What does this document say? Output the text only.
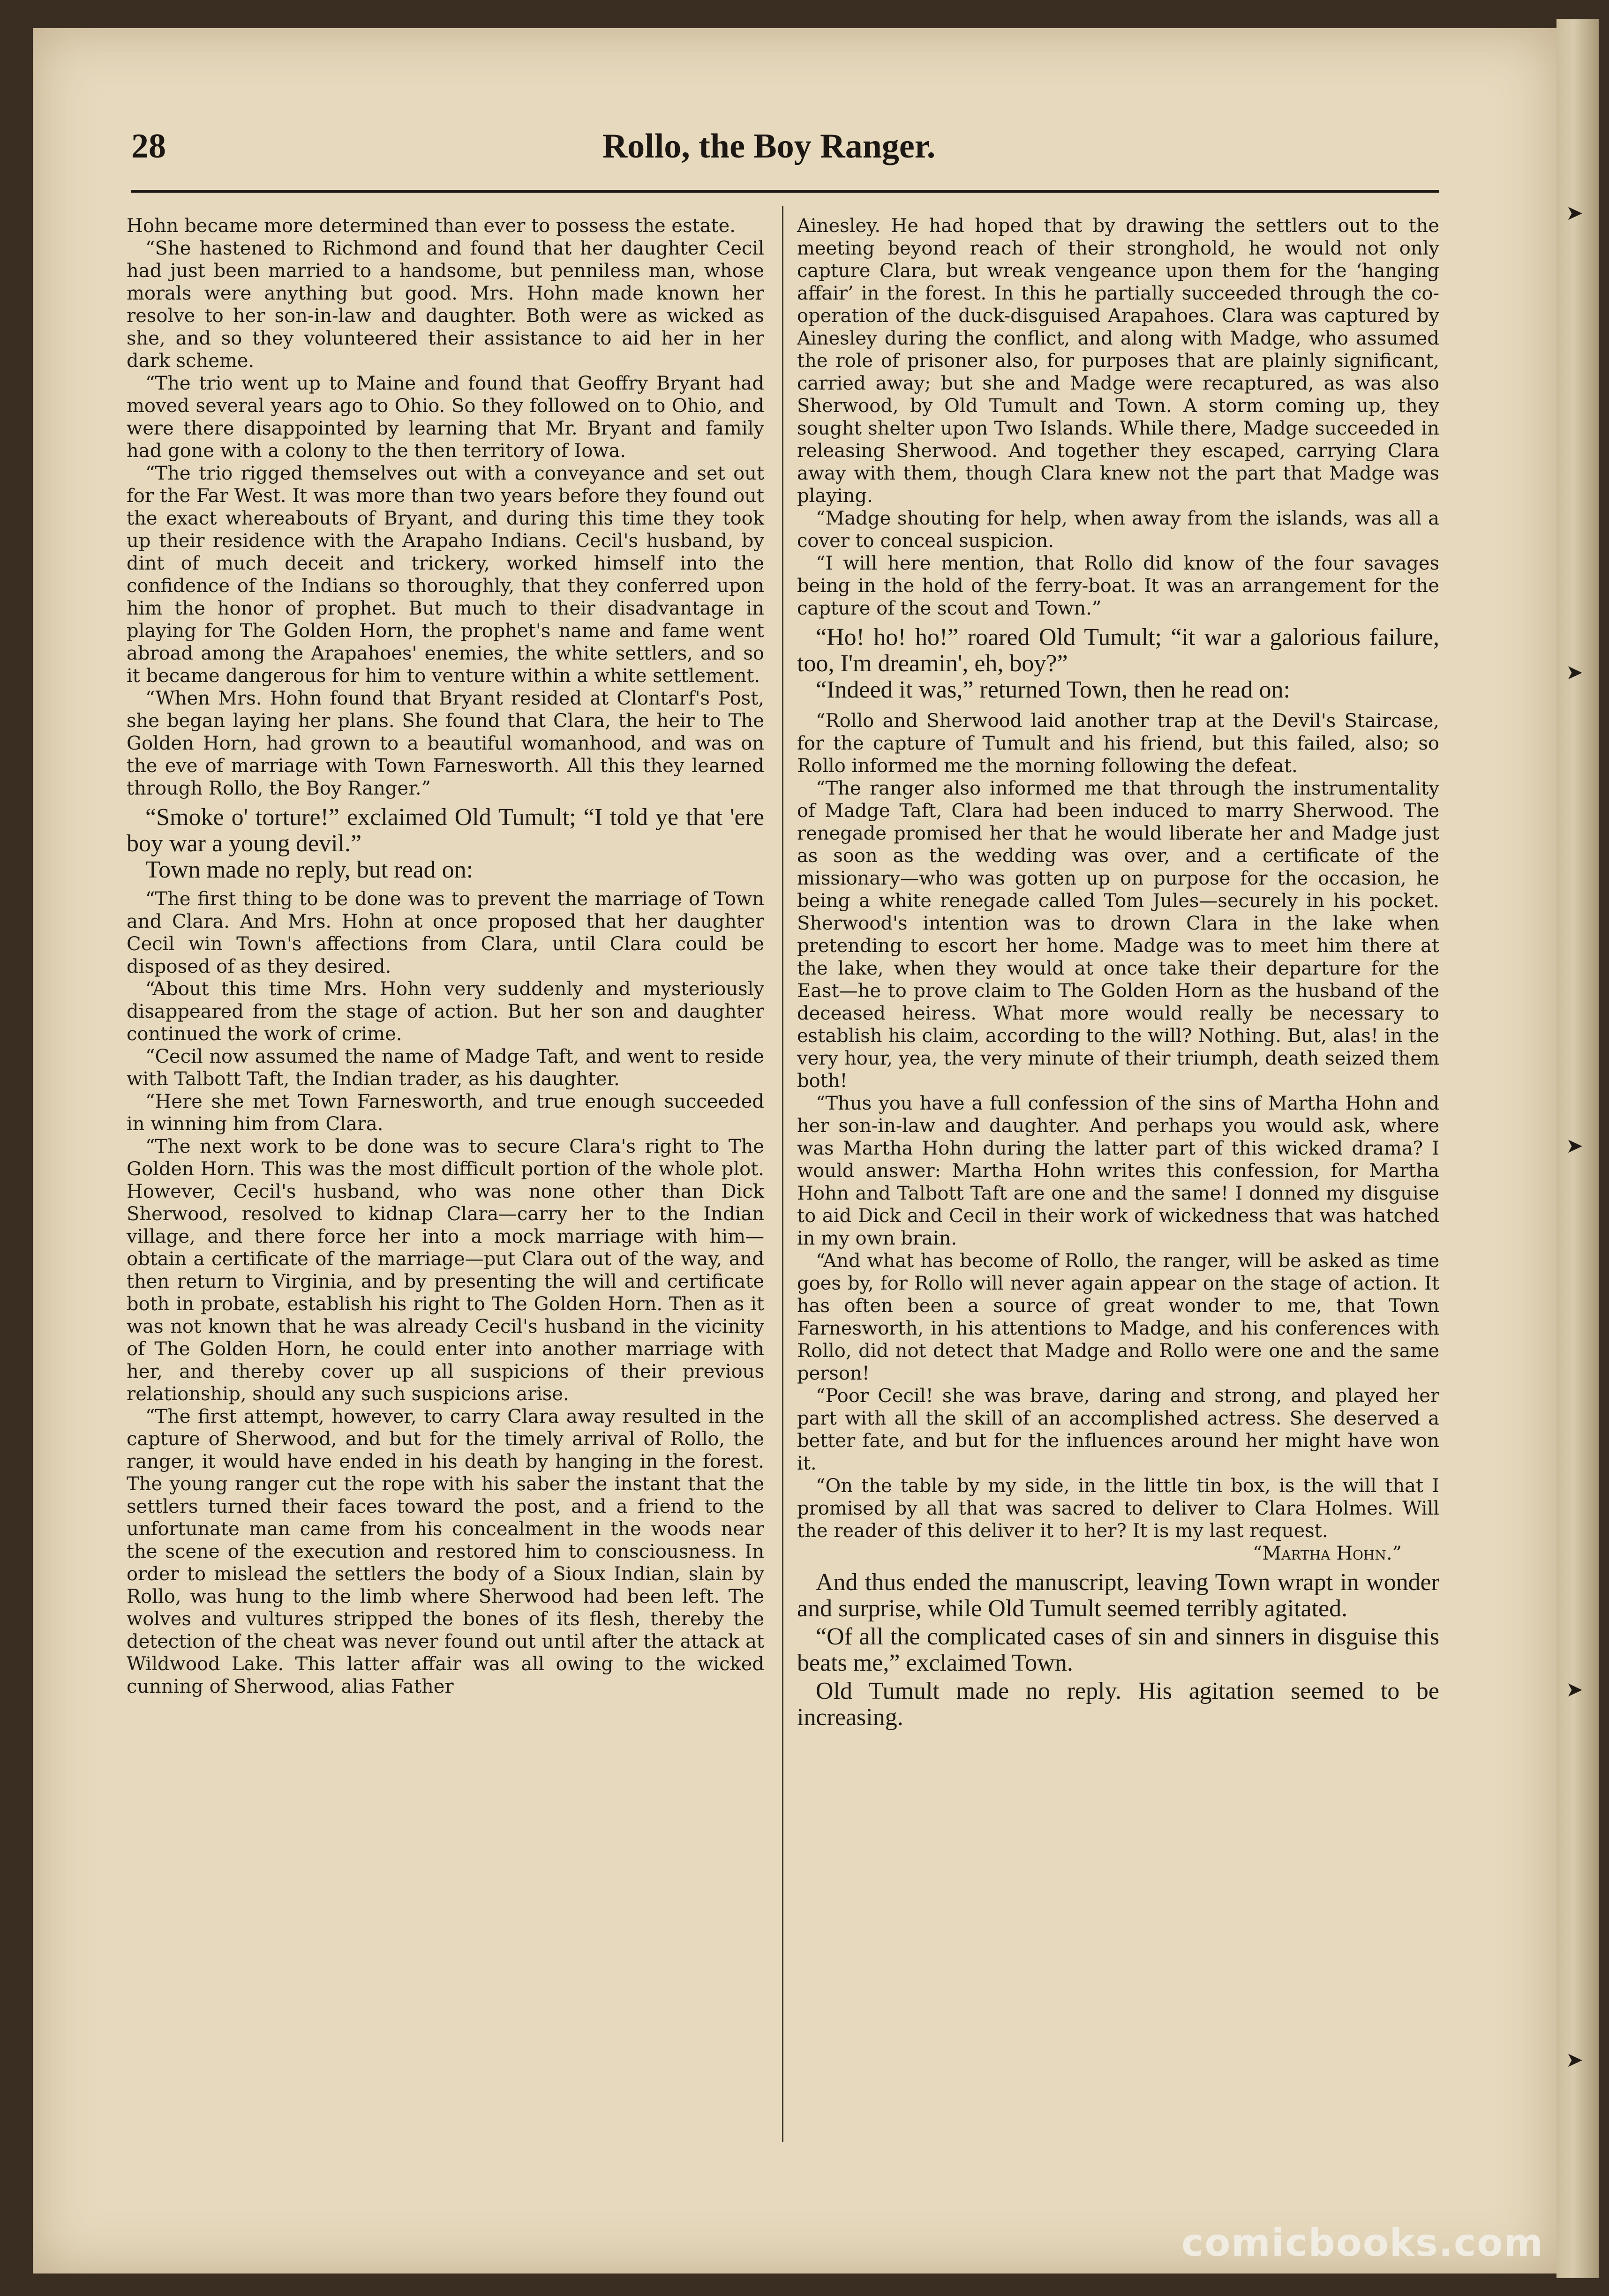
➤
➤
➤
➤
➤
28	Rollo, the Boy Ranger.

Hohn became more determined than ever to possess the estate.

“She hastened to Richmond and found that her daughter Cecil had just been married to a handsome, but penniless man, whose morals were anything but good. Mrs. Hohn made known her resolve to her son-in-law and daughter. Both were as wicked as she, and so they volunteered their assistance to aid her in her dark scheme.

“The trio went up to Maine and found that Geoffry Bryant had moved several years ago to Ohio. So they followed on to Ohio, and were there disappointed by learning that Mr. Bryant and family had gone with a colony to the then territory of Iowa.

“The trio rigged themselves out with a conveyance and set out for the Far West. It was more than two years before they found out the exact whereabouts of Bryant, and during this time they took up their residence with the Arapaho Indians. Cecil's husband, by dint of much deceit and trickery, worked himself into the confidence of the Indians so thoroughly, that they conferred upon him the honor of prophet. But much to their disadvantage in playing for The Golden Horn, the prophet's name and fame went abroad among the Arapahoes' enemies, the white settlers, and so it became dangerous for him to venture within a white settlement.

“When Mrs. Hohn found that Bryant resided at Clontarf's Post, she began laying her plans. She found that Clara, the heir to The Golden Horn, had grown to a beautiful womanhood, and was on the eve of marriage with Town Farnesworth. All this they learned through Rollo, the Boy Ranger.”

“Smoke o' torture!” exclaimed Old Tumult; “I told ye that 'ere boy war a young devil.”

Town made no reply, but read on:

“The first thing to be done was to prevent the marriage of Town and Clara. And Mrs. Hohn at once proposed that her daughter Cecil win Town's affections from Clara, until Clara could be disposed of as they desired.

“About this time Mrs. Hohn very suddenly and mysteriously disappeared from the stage of action. But her son and daughter continued the work of crime.

“Cecil now assumed the name of Madge Taft, and went to reside with Talbott Taft, the Indian trader, as his daughter.

“Here she met Town Farnesworth, and true enough succeeded in winning him from Clara.

“The next work to be done was to secure Clara's right to The Golden Horn. This was the most difficult portion of the whole plot. However, Cecil's husband, who was none other than Dick Sherwood, resolved to kidnap Clara—carry her to the Indian village, and there force her into a mock marriage with him—obtain a certificate of the marriage—put Clara out of the way, and then return to Virginia, and by presenting the will and certificate both in probate, establish his right to The Golden Horn. Then as it was not known that he was already Cecil's husband in the vicinity of The Golden Horn, he could enter into another marriage with her, and thereby cover up all suspicions of their previous relationship, should any such suspicions arise.

“The first attempt, however, to carry Clara away resulted in the capture of Sherwood, and but for the timely arrival of Rollo, the ranger, it would have ended in his death by hanging in the forest. The young ranger cut the rope with his saber the instant that the settlers turned their faces toward the post, and a friend to the unfortunate man came from his concealment in the woods near the scene of the execution and restored him to consciousness. In order to mislead the settlers the body of a Sioux Indian, slain by Rollo, was hung to the limb where Sherwood had been left. The wolves and vultures stripped the bones of its flesh, thereby the detection of the cheat was never found out until after the attack at Wildwood Lake. This latter affair was all owing to the wicked cunning of Sherwood, alias Father

Ainesley. He had hoped that by drawing the settlers out to the meeting beyond reach of their stronghold, he would not only capture Clara, but wreak vengeance upon them for the ‘hanging affair’ in the forest. In this he partially succeeded through the co-operation of the duck-disguised Arapahoes. Clara was captured by Ainesley during the conflict, and along with Madge, who assumed the role of prisoner also, for purposes that are plainly significant, carried away; but she and Madge were recaptured, as was also Sherwood, by Old Tumult and Town. A storm coming up, they sought shelter upon Two Islands. While there, Madge succeeded in releasing Sherwood. And together they escaped, carrying Clara away with them, though Clara knew not the part that Madge was playing.

“Madge shouting for help, when away from the islands, was all a cover to conceal suspicion.

“I will here mention, that Rollo did know of the four savages being in the hold of the ferry-boat. It was an arrangement for the capture of the scout and Town.”

“Ho! ho! ho!” roared Old Tumult; “it war a galorious failure, too, I'm dreamin', eh, boy?”

“Indeed it was,” returned Town, then he read on:

“Rollo and Sherwood laid another trap at the Devil's Staircase, for the capture of Tumult and his friend, but this failed, also; so Rollo informed me the morning following the defeat.

“The ranger also informed me that through the instrumentality of Madge Taft, Clara had been induced to marry Sherwood. The renegade promised her that he would liberate her and Madge just as soon as the wedding was over, and a certificate of the missionary—who was gotten up on purpose for the occasion, he being a white renegade called Tom Jules—securely in his pocket. Sherwood's intention was to drown Clara in the lake when pretending to escort her home. Madge was to meet him there at the lake, when they would at once take their departure for the East—he to prove claim to The Golden Horn as the husband of the deceased heiress. What more would really be necessary to establish his claim, according to the will? Nothing. But, alas! in the very hour, yea, the very minute of their triumph, death seized them both!

“Thus you have a full confession of the sins of Martha Hohn and her son-in-law and daughter. And perhaps you would ask, where was Martha Hohn during the latter part of this wicked drama? I would answer: Martha Hohn writes this confession, for Martha Hohn and Talbott Taft are one and the same! I donned my disguise to aid Dick and Cecil in their work of wickedness that was hatched in my own brain.

“And what has become of Rollo, the ranger, will be asked as time goes by, for Rollo will never again appear on the stage of action. It has often been a source of great wonder to me, that Town Farnesworth, in his attentions to Madge, and his conferences with Rollo, did not detect that Madge and Rollo were one and the same person!

“Poor Cecil! she was brave, daring and strong, and played her part with all the skill of an accomplished actress. She deserved a better fate, and but for the influences around her might have won it.

“On the table by my side, in the little tin box, is the will that I promised by all that was sacred to deliver to Clara Holmes. Will the reader of this deliver it to her? It is my last request.

“Martha Hohn.”

And thus ended the manuscript, leaving Town wrapt in wonder and surprise, while Old Tumult seemed terribly agitated.

“Of all the complicated cases of sin and sinners in disguise this beats me,” exclaimed Town.

Old Tumult made no reply. His agitation seemed to be increasing.

comicbooks.com
